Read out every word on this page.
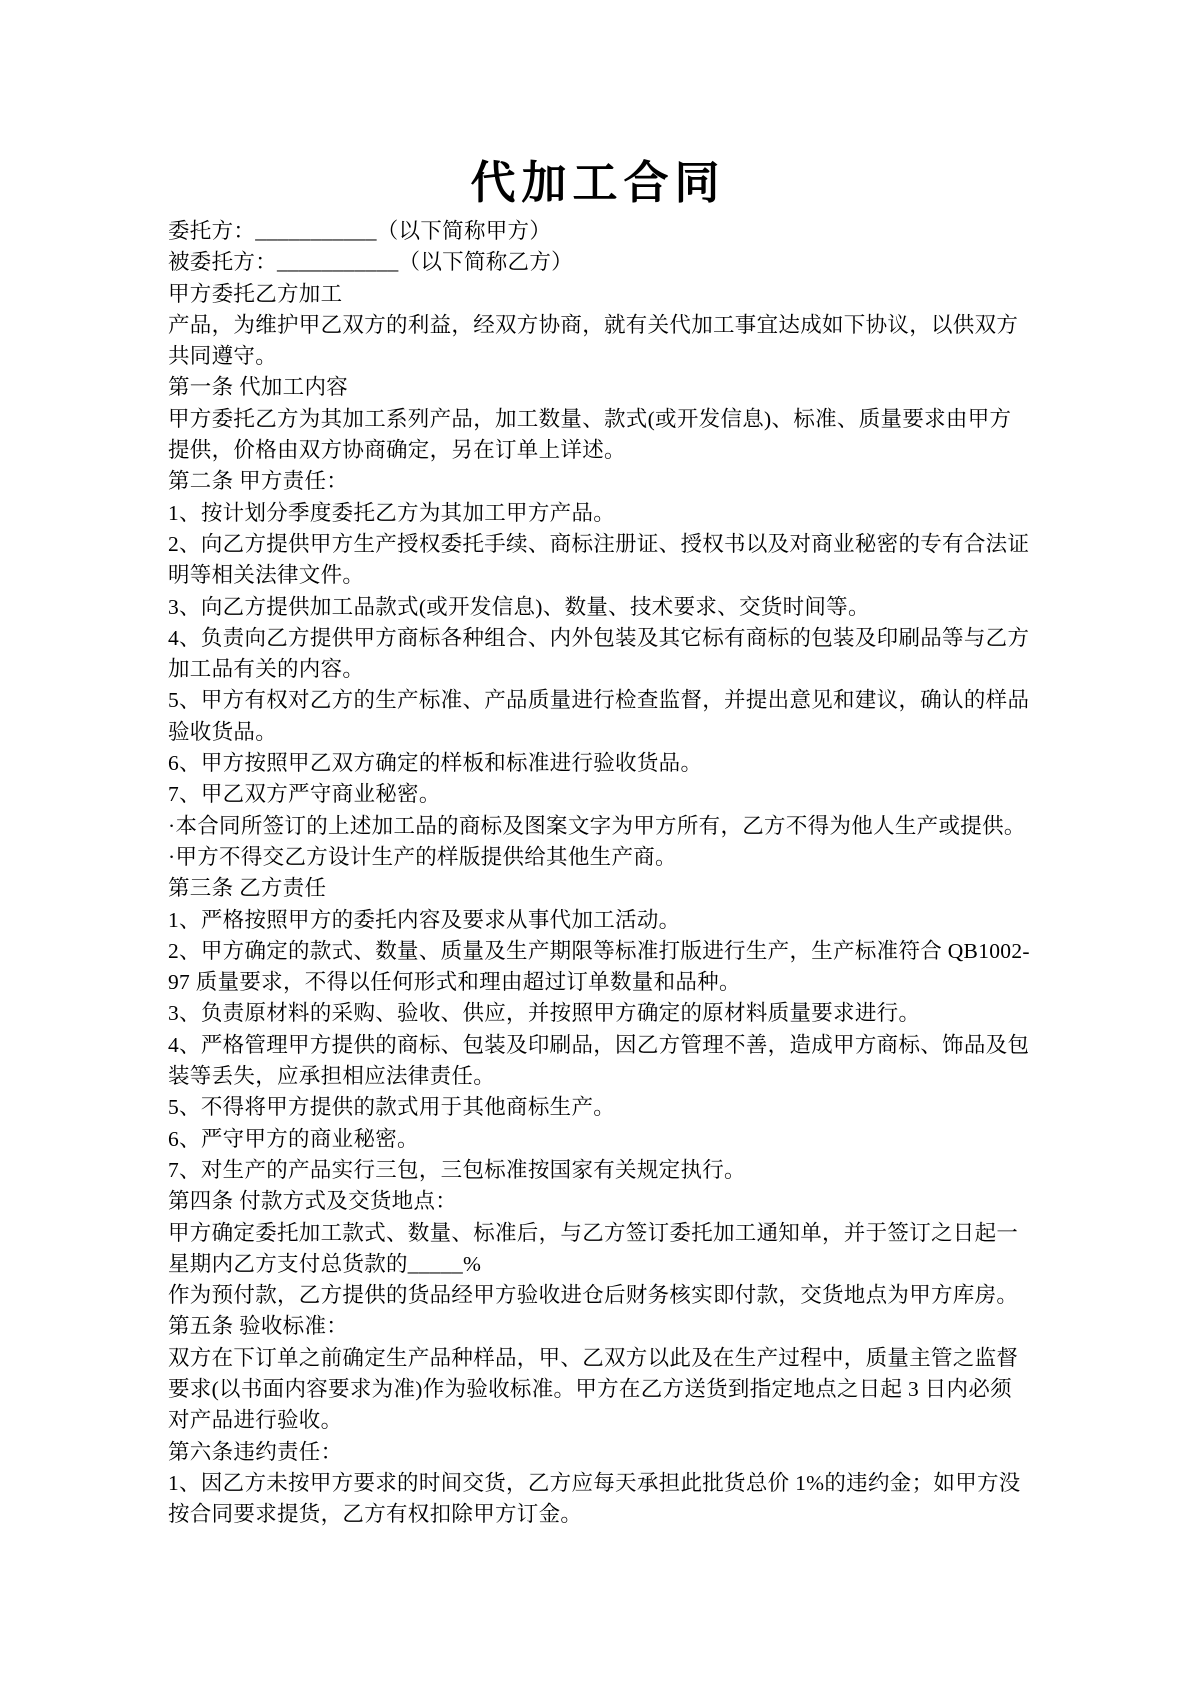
代加工合同
委托方：___________（以下简称甲方）
被委托方：___________（以下简称乙方）
甲方委托乙方加工
产品，为维护甲乙双方的利益，经双方协商，就有关代加工事宜达成如下协议，以供双方
共同遵守。
第一条 代加工内容
甲方委托乙方为其加工系列产品，加工数量、款式(或开发信息)、标准、质量要求由甲方
提供，价格由双方协商确定，另在订单上详述。
第二条 甲方责任：
1、按计划分季度委托乙方为其加工甲方产品。
2、向乙方提供甲方生产授权委托手续、商标注册证、授权书以及对商业秘密的专有合法证
明等相关法律文件。
3、向乙方提供加工品款式(或开发信息)、数量、技术要求、交货时间等。
4、负责向乙方提供甲方商标各种组合、内外包装及其它标有商标的包装及印刷品等与乙方
加工品有关的内容。
5、甲方有权对乙方的生产标准、产品质量进行检查监督，并提出意见和建议，确认的样品
验收货品。
6、甲方按照甲乙双方确定的样板和标准进行验收货品。
7、甲乙双方严守商业秘密。
·本合同所签订的上述加工品的商标及图案文字为甲方所有，乙方不得为他人生产或提供。
·甲方不得交乙方设计生产的样版提供给其他生产商。
第三条 乙方责任
1、严格按照甲方的委托内容及要求从事代加工活动。
2、甲方确定的款式、数量、质量及生产期限等标准打版进行生产，生产标准符合 QB1002-
97 质量要求，不得以任何形式和理由超过订单数量和品种。
3、负责原材料的采购、验收、供应，并按照甲方确定的原材料质量要求进行。
4、严格管理甲方提供的商标、包装及印刷品，因乙方管理不善，造成甲方商标、饰品及包
装等丢失，应承担相应法律责任。
5、不得将甲方提供的款式用于其他商标生产。
6、严守甲方的商业秘密。
7、对生产的产品实行三包，三包标准按国家有关规定执行。
第四条 付款方式及交货地点：
甲方确定委托加工款式、数量、标准后，与乙方签订委托加工通知单，并于签订之日起一
星期内乙方支付总货款的_____%
作为预付款，乙方提供的货品经甲方验收进仓后财务核实即付款，交货地点为甲方库房。
第五条 验收标准：
双方在下订单之前确定生产品种样品，甲、乙双方以此及在生产过程中，质量主管之监督
要求(以书面内容要求为准)作为验收标准。甲方在乙方送货到指定地点之日起 3 日内必须
对产品进行验收。
第六条违约责任：
1、因乙方未按甲方要求的时间交货，乙方应每天承担此批货总价 1%的违约金；如甲方没
按合同要求提货，乙方有权扣除甲方订金。
